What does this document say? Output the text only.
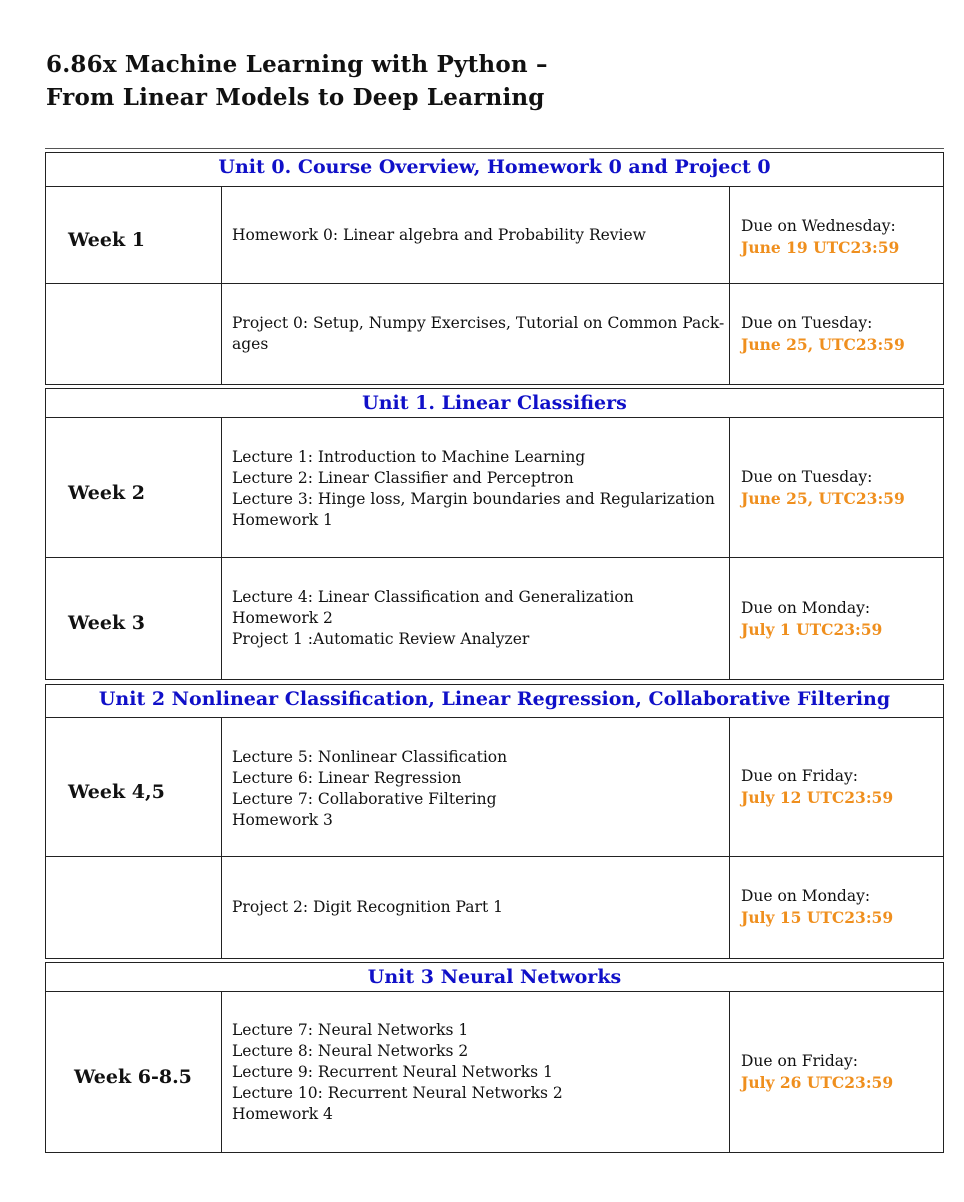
6.86x Machine Learning with Python –
From Linear Models to Deep Learning
Unit 0. Course Overview, Homework 0 and Project 0
Week 1	Homework 0: Linear algebra and Probability Review	Due on Wednesday:
June 19 UTC23:59
Project 0: Setup, Numpy Exercises, Tutorial on Common Pack-
ages
Due on Tuesday:
June 25, UTC23:59
Unit 1. Linear Classifiers
Week 2
Lecture 1: Introduction to Machine Learning
Lecture 2: Linear Classifier and Perceptron
Lecture 3: Hinge loss, Margin boundaries and Regularization
Homework 1
Due on Tuesday:
June 25, UTC23:59
Week 3
Lecture 4: Linear Classification and Generalization
Homework 2
Project 1 :Automatic Review Analyzer
Due on Monday:
July 1 UTC23:59
Unit 2 Nonlinear Classification, Linear Regression, Collaborative Filtering
Week 4,5
Lecture 5: Nonlinear Classification
Lecture 6: Linear Regression
Lecture 7: Collaborative Filtering
Homework 3
Due on Friday:
July 12 UTC23:59
Project 2: Digit Recognition Part 1
Due on Monday:
July 15 UTC23:59
Unit 3 Neural Networks
Week 6-8.5
Lecture 7: Neural Networks 1
Lecture 8: Neural Networks 2
Lecture 9: Recurrent Neural Networks 1
Lecture 10: Recurrent Neural Networks 2
Homework 4
Due on Friday:
July 26 UTC23:59
